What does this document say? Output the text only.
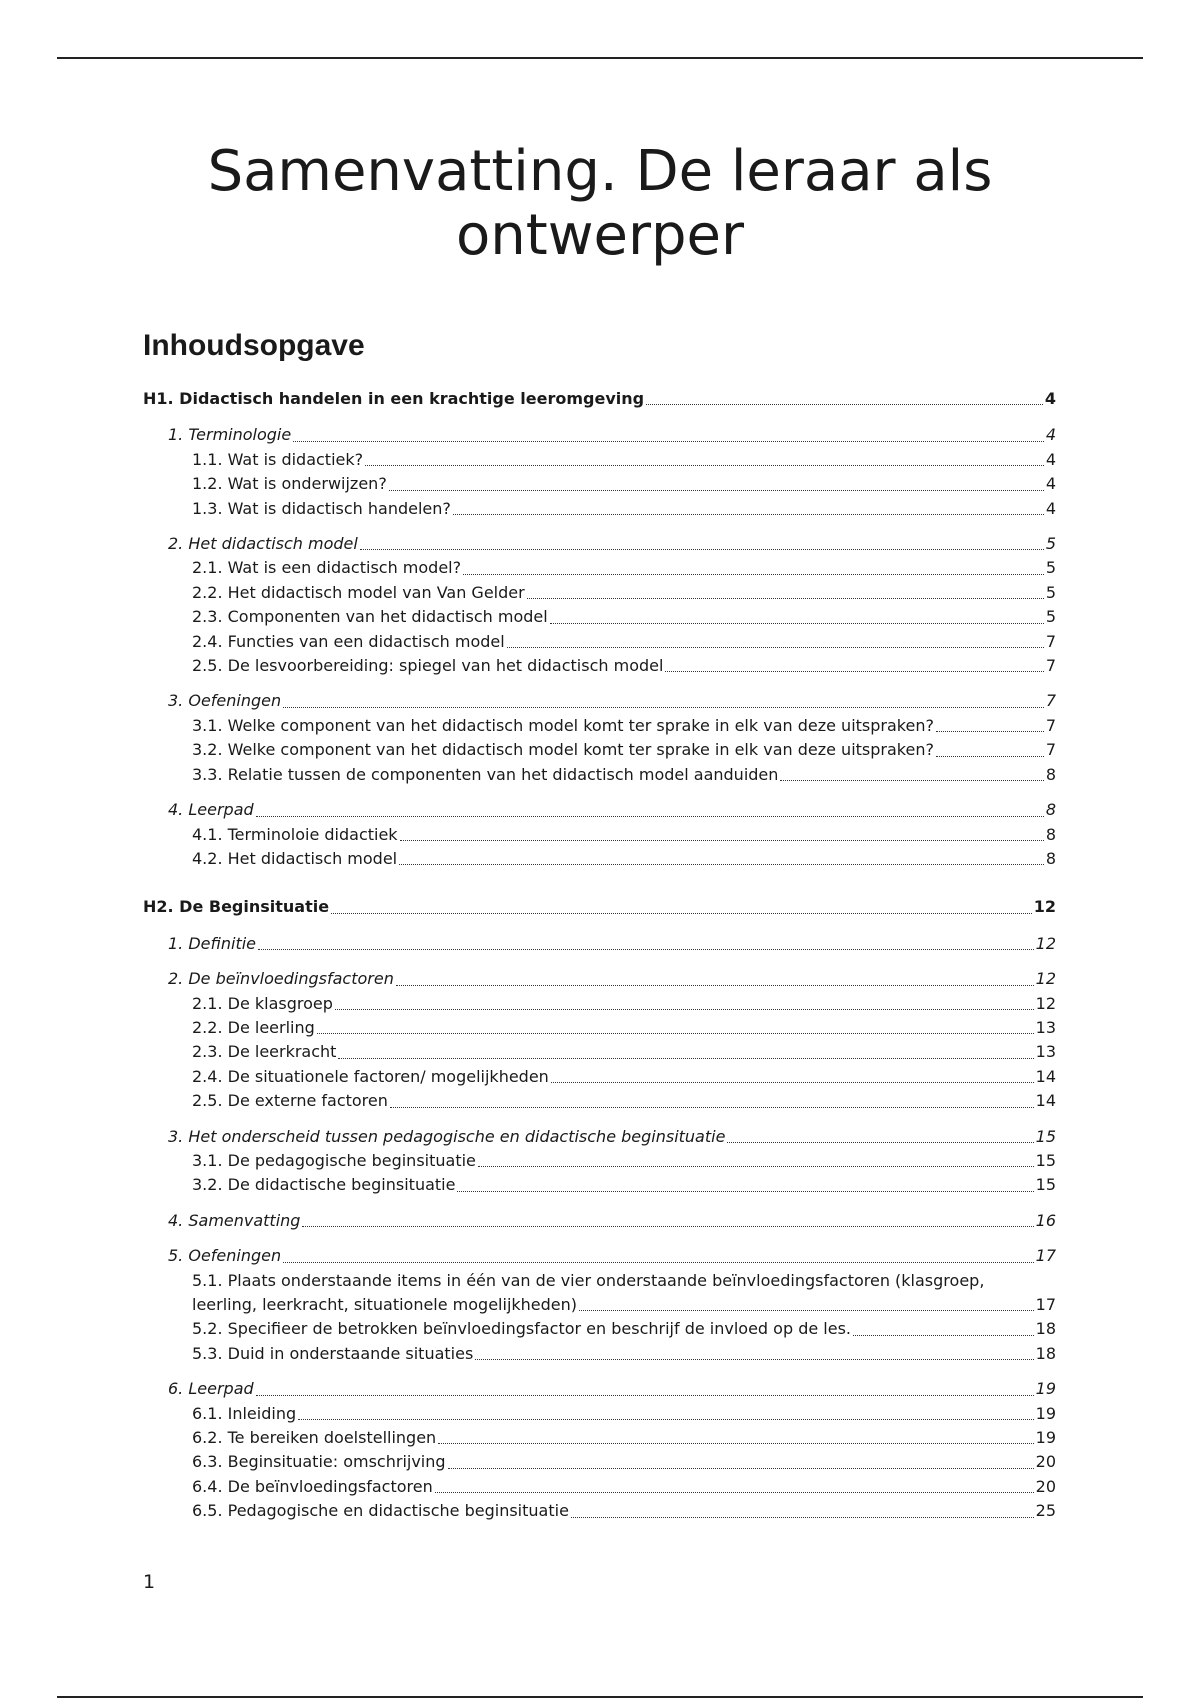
Samenvatting. De leraar als ontwerper
Inhoudsopgave
H1. Didactisch handelen in een krachtige leeromgeving	4
1. Terminologie	4
1.1. Wat is didactiek?	4
1.2. Wat is onderwijzen?	4
1.3. Wat is didactisch handelen?	4
2. Het didactisch model	5
2.1. Wat is een didactisch model?	5
2.2. Het didactisch model van Van Gelder	5
2.3. Componenten van het didactisch model	5
2.4. Functies van een didactisch model	7
2.5. De lesvoorbereiding: spiegel van het didactisch model	7
3. Oefeningen	7
3.1. Welke component van het didactisch model komt ter sprake in elk van deze uitspraken?	7
3.2. Welke component van het didactisch model komt ter sprake in elk van deze uitspraken?	7
3.3. Relatie tussen de componenten van het didactisch model aanduiden	8
4. Leerpad	8
4.1. Terminoloie didactiek	8
4.2. Het didactisch model	8
H2. De Beginsituatie	12
1. Definitie	12
2. De beïnvloedingsfactoren	12
2.1. De klasgroep	12
2.2. De leerling	13
2.3. De leerkracht	13
2.4. De situationele factoren/ mogelijkheden	14
2.5. De externe factoren	14
3. Het onderscheid tussen pedagogische en didactische beginsituatie	15
3.1. De pedagogische beginsituatie	15
3.2. De didactische beginsituatie	15
4. Samenvatting	16
5. Oefeningen	17
5.1. Plaats onderstaande items in één van de vier onderstaande beïnvloedingsfactoren (klasgroep,
leerling, leerkracht, situationele mogelijkheden)	17
5.2. Specifieer de betrokken beïnvloedingsfactor en beschrijf de invloed op de les.	18
5.3. Duid in onderstaande situaties	18
6. Leerpad	19
6.1. Inleiding	19
6.2. Te bereiken doelstellingen	19
6.3. Beginsituatie: omschrijving	20
6.4. De beïnvloedingsfactoren	20
6.5. Pedagogische en didactische beginsituatie	25
1
